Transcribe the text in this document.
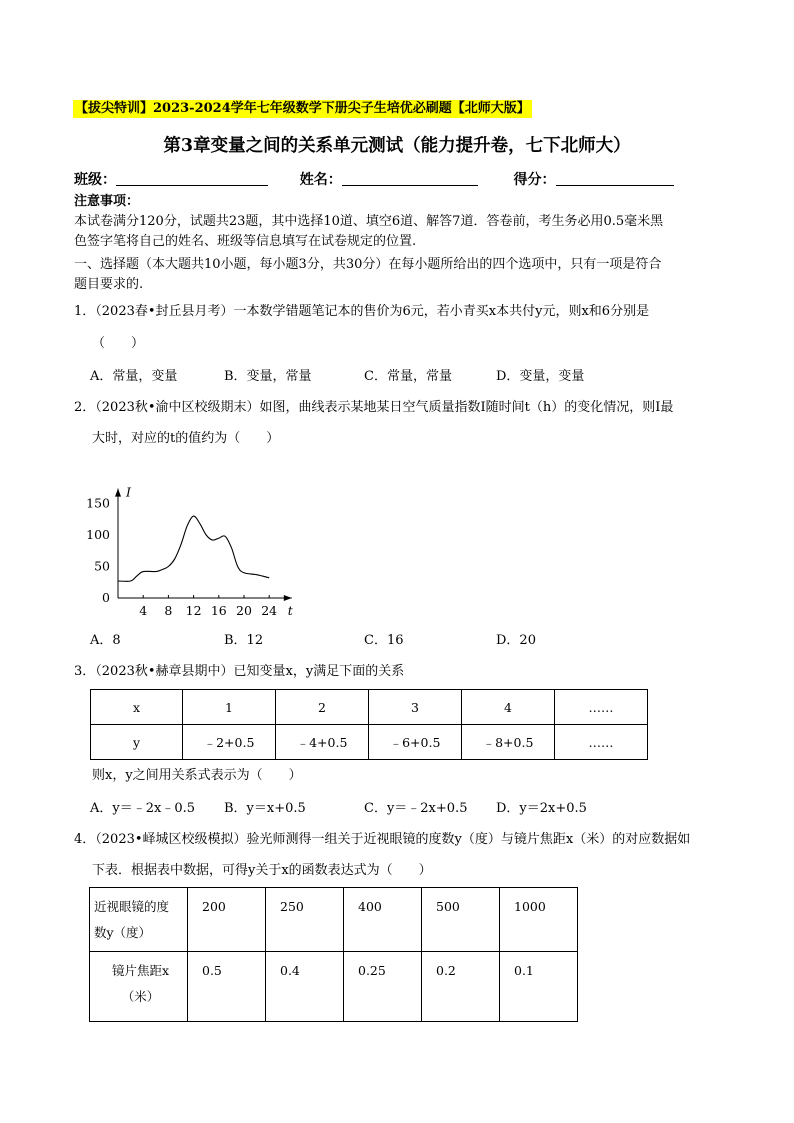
【拔尖特训】2023-2024学年七年级数学下册尖子生培优必刷题【北师大版】
第3章变量之间的关系单元测试（能力提升卷，七下北师大）
班级：	姓名：	得分：
注意事项：
本试卷满分120分，试题共23题，其中选择10道、填空6道、解答7道．答卷前，考生务必用0.5毫米黑
色签字笔将自己的姓名、班级等信息填写在试卷规定的位置.
一、选择题（本大题共10小题，每小题3分，共30分）在每小题所给出的四个选项中，只有一项是符合
题目要求的.
1．（2023春•封丘县月考）一本数学错题笔记本的售价为6元，若小青买x本共付y元，则x和6分别是
（　　）
A．常量，变量	B．变量，常量	C．常量，常量	D．变量，变量
2．（2023秋•渝中区校级期末）如图，曲线表示某地某日空气质量指数I随时间t（h）的变化情况，则I最
大时，对应的t的值约为（　　）
t
I
4 8 12 16 20 24
0
50
100
150
A．8	B．12	C．16	D．20
3．（2023秋•赫章县期中）已知变量x，y满足下面的关系
x	1	2	3	4	……
y	﹣2+0.5	﹣4+0.5	﹣6+0.5	﹣8+0.5	……
则x，y之间用关系式表示为（　　）
A．y＝﹣2x﹣0.5 B．y＝x+0.5	C．y＝﹣2x+0.5 D．y＝2x+0.5
4．（2023•峄城区校级模拟）验光师测得一组关于近视眼镜的度数y（度）与镜片焦距x（米）的对应数据如
下表．根据表中数据，可得y关于x的函数表达式为（　　）
近视眼镜的度
数y（度）	200	250	400	500	1000
镜片焦距x
（米）	0.5	0.4	0.25	0.2	0.1
